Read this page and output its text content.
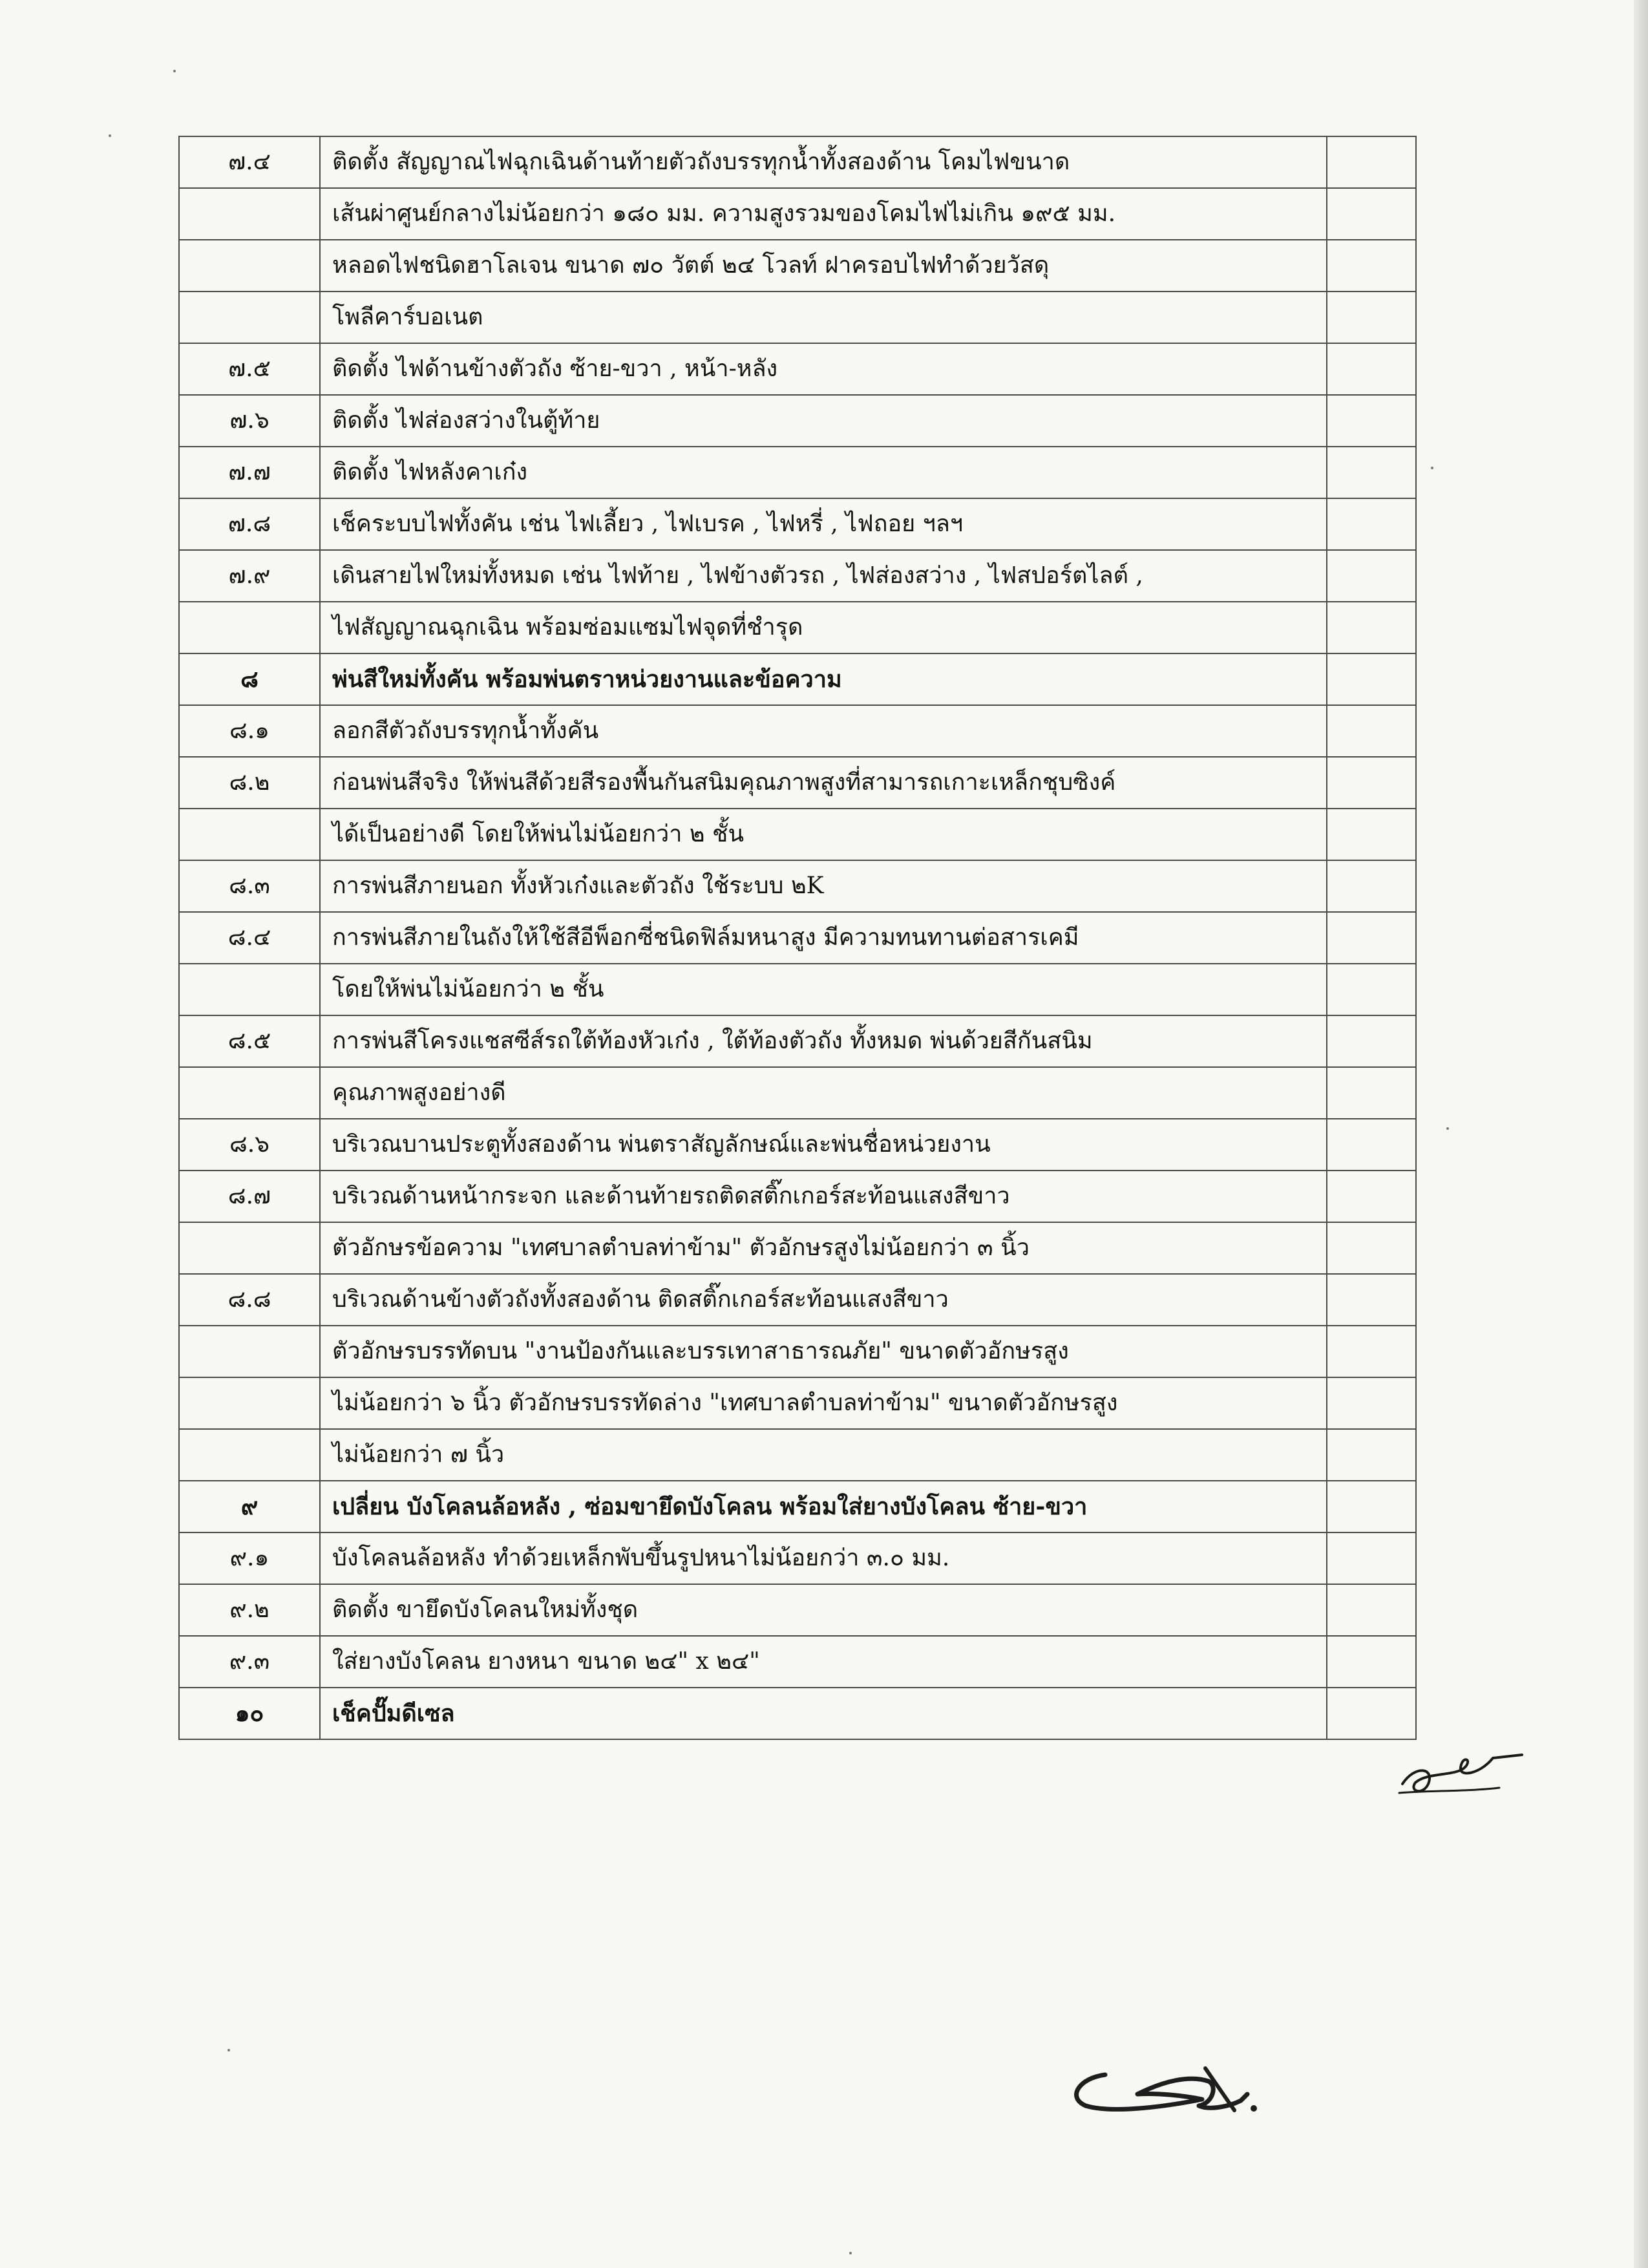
๗.๔	ติดตั้ง สัญญาณไฟฉุกเฉินด้านท้ายตัวถังบรรทุกน้ำทั้งสองด้าน โคมไฟขนาด	
	เส้นผ่าศูนย์กลางไม่น้อยกว่า ๑๘๐ มม. ความสูงรวมของโคมไฟไม่เกิน ๑๙๕ มม.	
	หลอดไฟชนิดฮาโลเจน ขนาด ๗๐ วัตต์ ๒๔ โวลท์ ฝาครอบไฟทำด้วยวัสดุ	
	โพลีคาร์บอเนต	
๗.๕	ติดตั้ง ไฟด้านข้างตัวถัง ซ้าย-ขวา , หน้า-หลัง	
๗.๖	ติดตั้ง ไฟส่องสว่างในตู้ท้าย	
๗.๗	ติดตั้ง ไฟหลังคาเก๋ง	
๗.๘	เช็คระบบไฟทั้งคัน เช่น ไฟเลี้ยว , ไฟเบรค , ไฟหรี่ , ไฟถอย ฯลฯ	
๗.๙	เดินสายไฟใหม่ทั้งหมด เช่น ไฟท้าย , ไฟข้างตัวรถ , ไฟส่องสว่าง , ไฟสปอร์ตไลต์ ,	
	ไฟสัญญาณฉุกเฉิน พร้อมซ่อมแซมไฟจุดที่ชำรุด	
๘	พ่นสีใหม่ทั้งคัน พร้อมพ่นตราหน่วยงานและข้อความ	
๘.๑	ลอกสีตัวถังบรรทุกน้ำทั้งคัน	
๘.๒	ก่อนพ่นสีจริง ให้พ่นสีด้วยสีรองพื้นกันสนิมคุณภาพสูงที่สามารถเกาะเหล็กชุบซิงค์	
	ได้เป็นอย่างดี โดยให้พ่นไม่น้อยกว่า ๒ ชั้น	
๘.๓	การพ่นสีภายนอก ทั้งหัวเก๋งและตัวถัง ใช้ระบบ ๒K	
๘.๔	การพ่นสีภายในถังให้ใช้สีอีพ็อกซี่ชนิดฟิล์มหนาสูง มีความทนทานต่อสารเคมี	
	โดยให้พ่นไม่น้อยกว่า ๒ ชั้น	
๘.๕	การพ่นสีโครงแชสซีส์รถใต้ท้องหัวเก๋ง , ใต้ท้องตัวถัง ทั้งหมด พ่นด้วยสีกันสนิม	
	คุณภาพสูงอย่างดี	
๘.๖	บริเวณบานประตูทั้งสองด้าน พ่นตราสัญลักษณ์และพ่นชื่อหน่วยงาน	
๘.๗	บริเวณด้านหน้ากระจก และด้านท้ายรถติดสติ๊กเกอร์สะท้อนแสงสีขาว	
	ตัวอักษรข้อความ "เทศบาลตำบลท่าข้าม" ตัวอักษรสูงไม่น้อยกว่า ๓ นิ้ว	
๘.๘	บริเวณด้านข้างตัวถังทั้งสองด้าน ติดสติ๊กเกอร์สะท้อนแสงสีขาว	
	ตัวอักษรบรรทัดบน "งานป้องกันและบรรเทาสาธารณภัย" ขนาดตัวอักษรสูง	
	ไม่น้อยกว่า ๖ นิ้ว ตัวอักษรบรรทัดล่าง "เทศบาลตำบลท่าข้าม" ขนาดตัวอักษรสูง	
	ไม่น้อยกว่า ๗ นิ้ว	
๙	เปลี่ยน บังโคลนล้อหลัง , ซ่อมขายึดบังโคลน พร้อมใส่ยางบังโคลน ซ้าย-ขวา	
๙.๑	บังโคลนล้อหลัง ทำด้วยเหล็กพับขึ้นรูปหนาไม่น้อยกว่า ๓.๐ มม.	
๙.๒	ติดตั้ง ขายึดบังโคลนใหม่ทั้งชุด	
๙.๓	ใส่ยางบังโคลน ยางหนา ขนาด ๒๔" x ๒๔"	
๑๐	เช็คปั๊มดีเซล	
